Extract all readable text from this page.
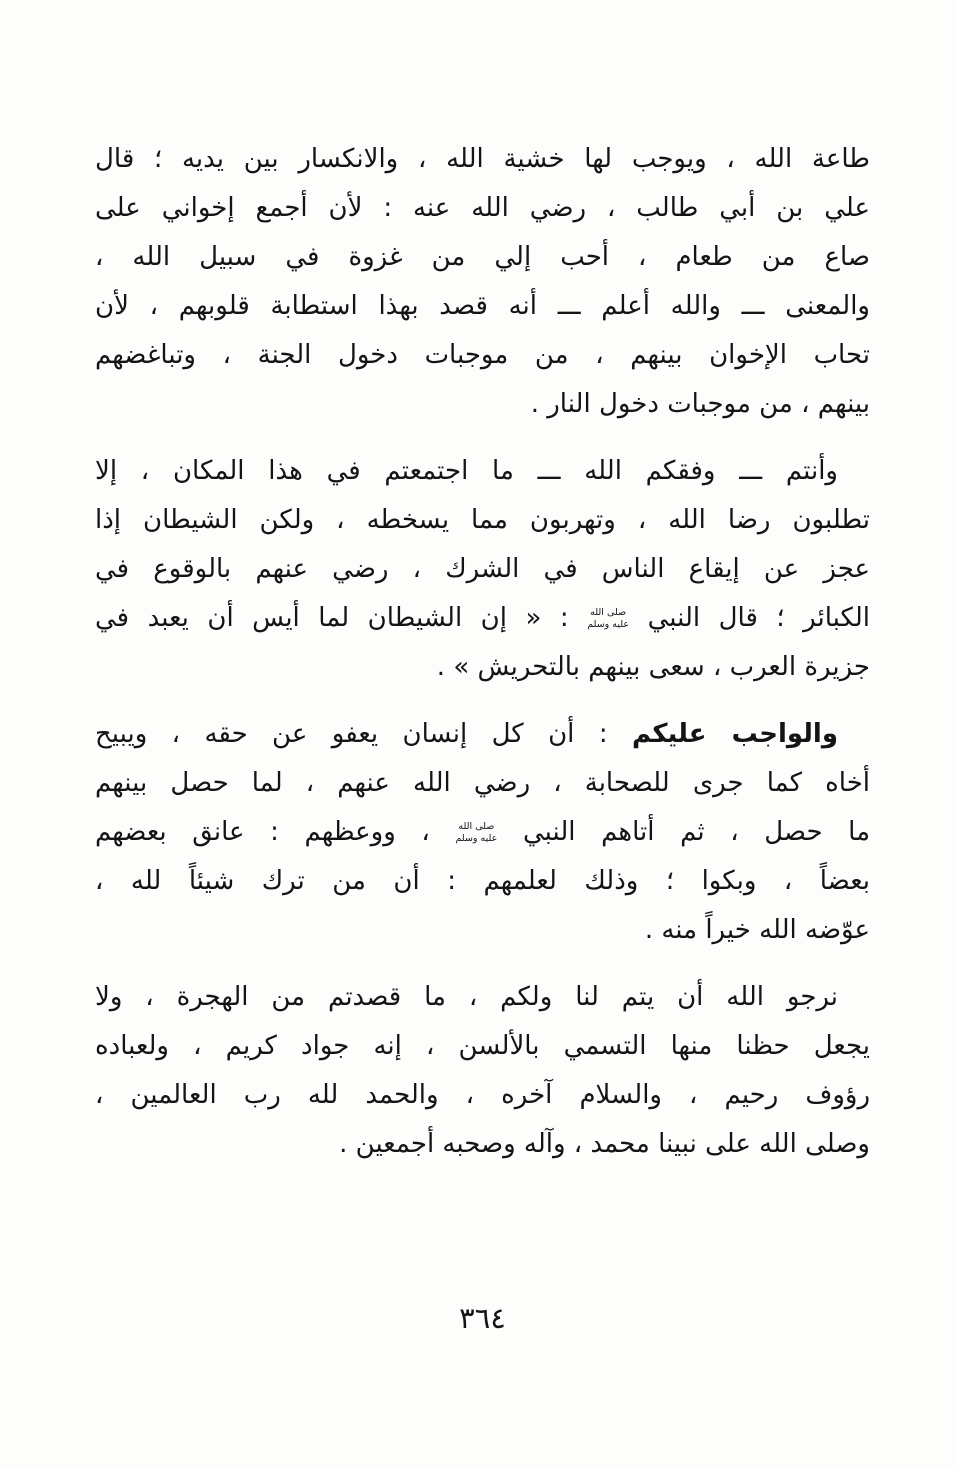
طاعة الله ، ويوجب لها خشية الله ، والانكسار بين يديه ؛ قال
علي بن أبي طالب ، رضي الله عنه : لأن أجمع إخواني على
صاع من طعام ، أحب إلي من غزوة في سبيل الله ،
والمعنى ـــ والله أعلم ـــ أنه قصد بهذا استطابة قلوبهم ، لأن
تحاب الإخوان بينهم ، من موجبات دخول الجنة ، وتباغضهم
بينهم ، من موجبات دخول النار .
وأنتم ـــ وفقكم الله ـــ ما اجتمعتم في هذا المكان ، إلا
تطلبون رضا الله ، وتهربون مما يسخطه ، ولكن الشيطان إذا
عجز عن إيقاع الناس في الشرك ، رضي عنهم بالوقوع في
الكبائر ؛ قال النبي صلى الله عليه وسلم : « إن الشيطان لما أيس أن يعبد في
جزيرة العرب ، سعى بينهم بالتحريش » .
والواجب عليكم : أن كل إنسان يعفو عن حقه ، ويبيح
أخاه كما جرى للصحابة ، رضي الله عنهم ، لما حصل بينهم
ما حصل ، ثم أتاهم النبي صلى الله عليه وسلم ، ووعظهم : عانق بعضهم
بعضاً ، وبكوا ؛ وذلك لعلمهم : أن من ترك شيئاً لله ،
عوّضه الله خيراً منه .
نرجو الله أن يتم لنا ولكم ، ما قصدتم من الهجرة ، ولا
يجعل حظنا منها التسمي بالألسن ، إنه جواد كريم ، ولعباده
رؤوف رحيم ، والسلام آخره ، والحمد لله رب العالمين ،
وصلى الله على نبينا محمد ، وآله وصحبه أجمعين .
٣٦٤
